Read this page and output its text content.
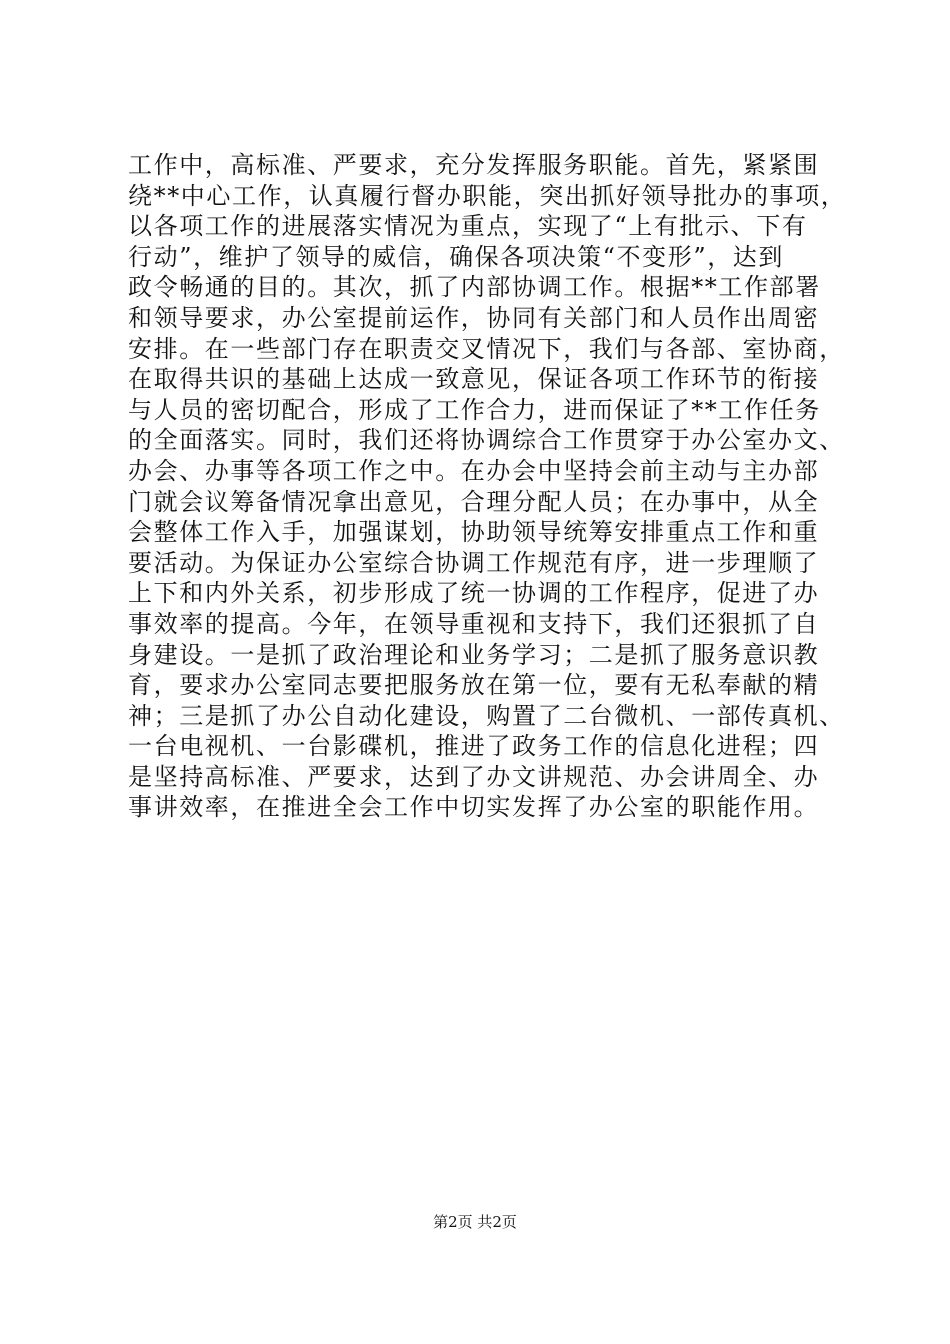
工作中，高标准、严要求，充分发挥服务职能。首先，紧紧围
绕**中心工作，认真履行督办职能，突出抓好领导批办的事项，
以各项工作的进展落实情况为重点，实现了“上有批示、下有
行动”，维护了领导的威信，确保各项决策“不变形”，达到
政令畅通的目的。其次，抓了内部协调工作。根据**工作部署
和领导要求，办公室提前运作，协同有关部门和人员作出周密
安排。在一些部门存在职责交叉情况下，我们与各部、室协商，
在取得共识的基础上达成一致意见，保证各项工作环节的衔接
与人员的密切配合，形成了工作合力，进而保证了**工作任务
的全面落实。同时，我们还将协调综合工作贯穿于办公室办文、
办会、办事等各项工作之中。在办会中坚持会前主动与主办部
门就会议筹备情况拿出意见，合理分配人员；在办事中，从全
会整体工作入手，加强谋划，协助领导统筹安排重点工作和重
要活动。为保证办公室综合协调工作规范有序，进一步理顺了
上下和内外关系，初步形成了统一协调的工作程序，促进了办
事效率的提高。今年，在领导重视和支持下，我们还狠抓了自
身建设。一是抓了政治理论和业务学习；二是抓了服务意识教
育，要求办公室同志要把服务放在第一位，要有无私奉献的精
神；三是抓了办公自动化建设，购置了二台微机、一部传真机、
一台电视机、一台影碟机，推进了政务工作的信息化进程；四
是坚持高标准、严要求，达到了办文讲规范、办会讲周全、办
事讲效率，在推进全会工作中切实发挥了办公室的职能作用。
第2页 共2页
